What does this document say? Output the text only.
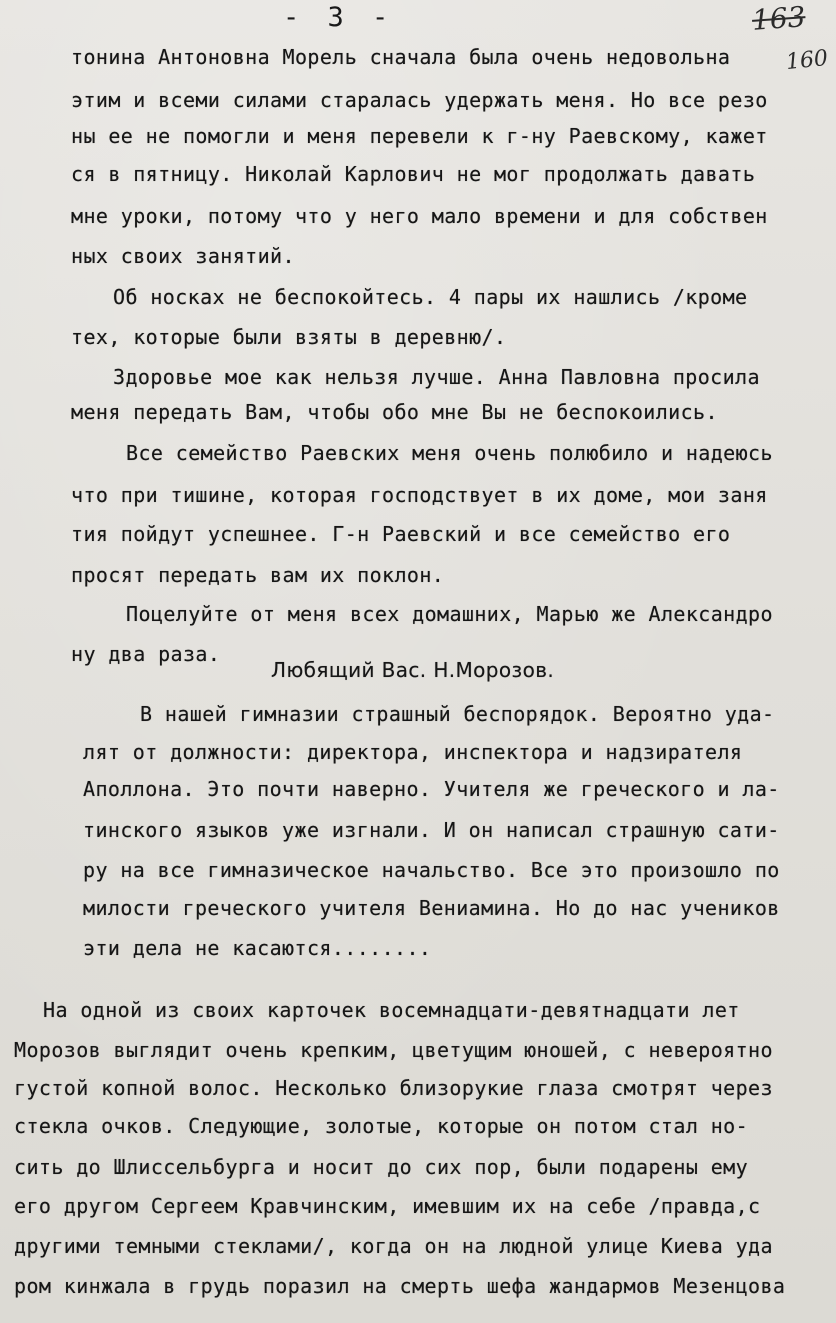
- 3 -	163
160
тонина Антоновна Морель сначала была очень недовольна
этим и всеми силами старалась удержать меня. Но все резо
ны ее не помогли и меня перевели к г-ну Раевскому, кажет
ся в пятницу. Николай Карлович не мог продолжать давать
мне уроки, потому что у него мало времени и для собствен
ных своих занятий.
Об носках не беспокойтесь. 4 пары их нашлись /кроме
тех, которые были взяты в деревню/.
Здоровье мое как нельзя лучше. Анна Павловна просила
меня передать Вам, чтобы обо мне Вы не беспокоились.
Все семейство Раевских меня очень полюбило и надеюсь
что при тишине, которая господствует в их доме, мои заня
тия пойдут успешнее. Г-н Раевский и все семейство его
просят передать вам их поклон.
Поцелуйте от меня всех домашних, Марью же Александро
ну два раза.
Любящий Вас. Н.Морозов.
В нашей гимназии страшный беспорядок. Вероятно уда-
лят от должности: директора, инспектора и надзирателя
Аполлона. Это почти наверно. Учителя же греческого и ла-
тинского языков уже изгнали. И он написал страшную сати-
ру на все гимназическое начальство. Все это произошло по
милости греческого учителя Вениамина. Но до нас учеников
эти дела не касаются........
На одной из своих карточек восемнадцати-девятнадцати лет
Морозов выглядит очень крепким, цветущим юношей, с невероятно
густой копной волос. Несколько близорукие глаза смотрят через
стекла очков. Следующие, золотые, которые он потом стал но-
сить до Шлиссельбурга и носит до сих пор, были подарены ему
его другом Сергеем Кравчинским, имевшим их на себе /правда,с
другими темными стеклами/, когда он на людной улице Киева уда
ром кинжала в грудь поразил на смерть шефа жандармов Мезенцова
